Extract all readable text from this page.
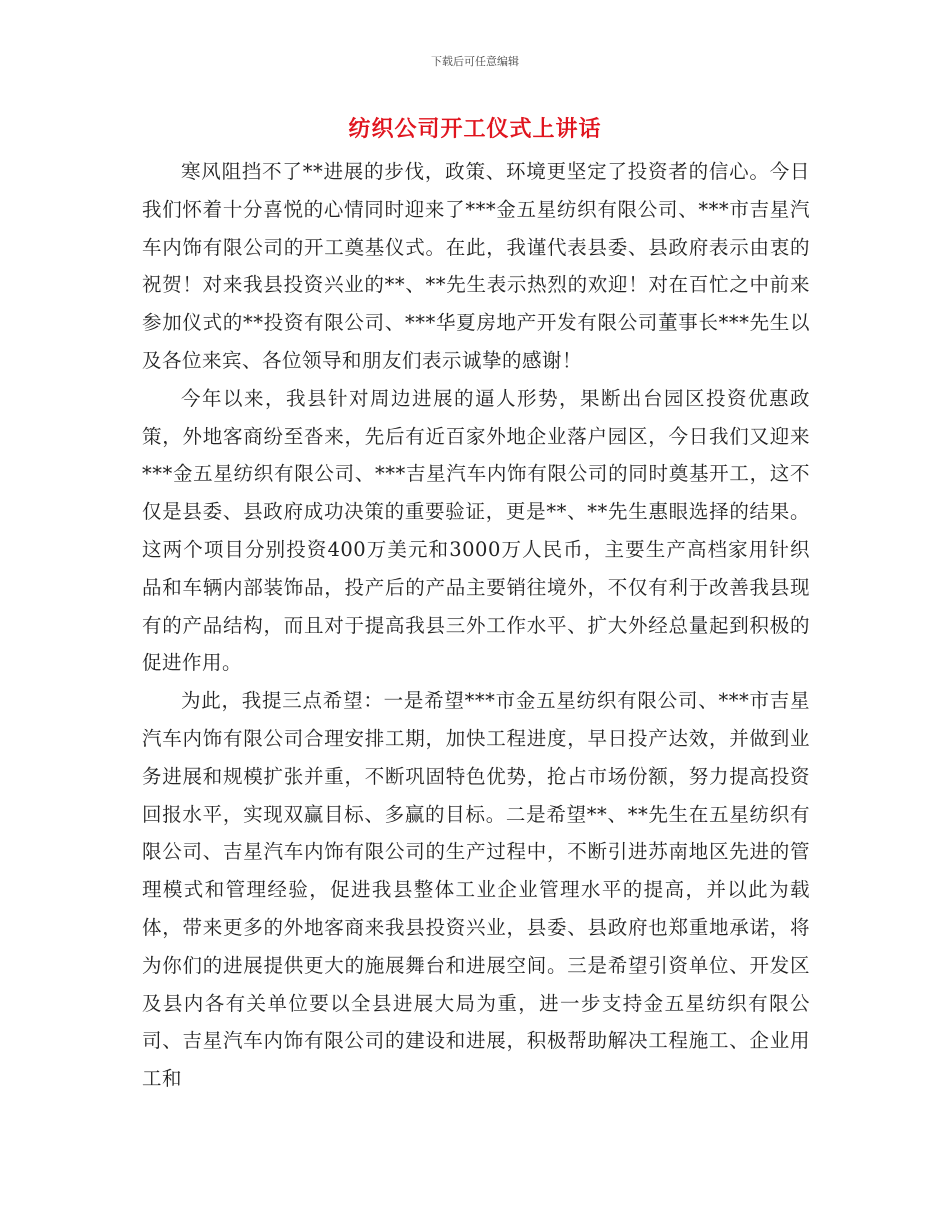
下载后可任意编辑
纺织公司开工仪式上讲话

寒风阻挡不了**进展的步伐，政策、环境更坚定了投资者的信心。今日我们怀着十分喜悦的心情同时迎来了***金五星纺织有限公司、***市吉星汽车内饰有限公司的开工奠基仪式。在此，我谨代表县委、县政府表示由衷的祝贺！对来我县投资兴业的**、**先生表示热烈的欢迎！对在百忙之中前来参加仪式的**投资有限公司、***华夏房地产开发有限公司董事长***先生以及各位来宾、各位领导和朋友们表示诚挚的感谢！

今年以来，我县针对周边进展的逼人形势，果断出台园区投资优惠政策，外地客商纷至沓来，先后有近百家外地企业落户园区，今日我们又迎来***金五星纺织有限公司、***吉星汽车内饰有限公司的同时奠基开工，这不仅是县委、县政府成功决策的重要验证，更是**、**先生惠眼选择的结果。这两个项目分别投资400万美元和3000万人民币，主要生产高档家用针织品和车辆内部装饰品，投产后的产品主要销往境外，不仅有利于改善我县现有的产品结构，而且对于提高我县三外工作水平、扩大外经总量起到积极的促进作用。

为此，我提三点希望：一是希望***市金五星纺织有限公司、***市吉星汽车内饰有限公司合理安排工期，加快工程进度，早日投产达效，并做到业务进展和规模扩张并重，不断巩固特色优势，抢占市场份额，努力提高投资回报水平，实现双赢目标、多赢的目标。二是希望**、**先生在五星纺织有限公司、吉星汽车内饰有限公司的生产过程中，不断引进苏南地区先进的管理模式和管理经验，促进我县整体工业企业管理水平的提高，并以此为载体，带来更多的外地客商来我县投资兴业，县委、县政府也郑重地承诺，将为你们的进展提供更大的施展舞台和进展空间。三是希望引资单位、开发区及县内各有关单位要以全县进展大局为重，进一步支持金五星纺织有限公司、吉星汽车内饰有限公司的建设和进展，积极帮助解决工程施工、企业用工和
